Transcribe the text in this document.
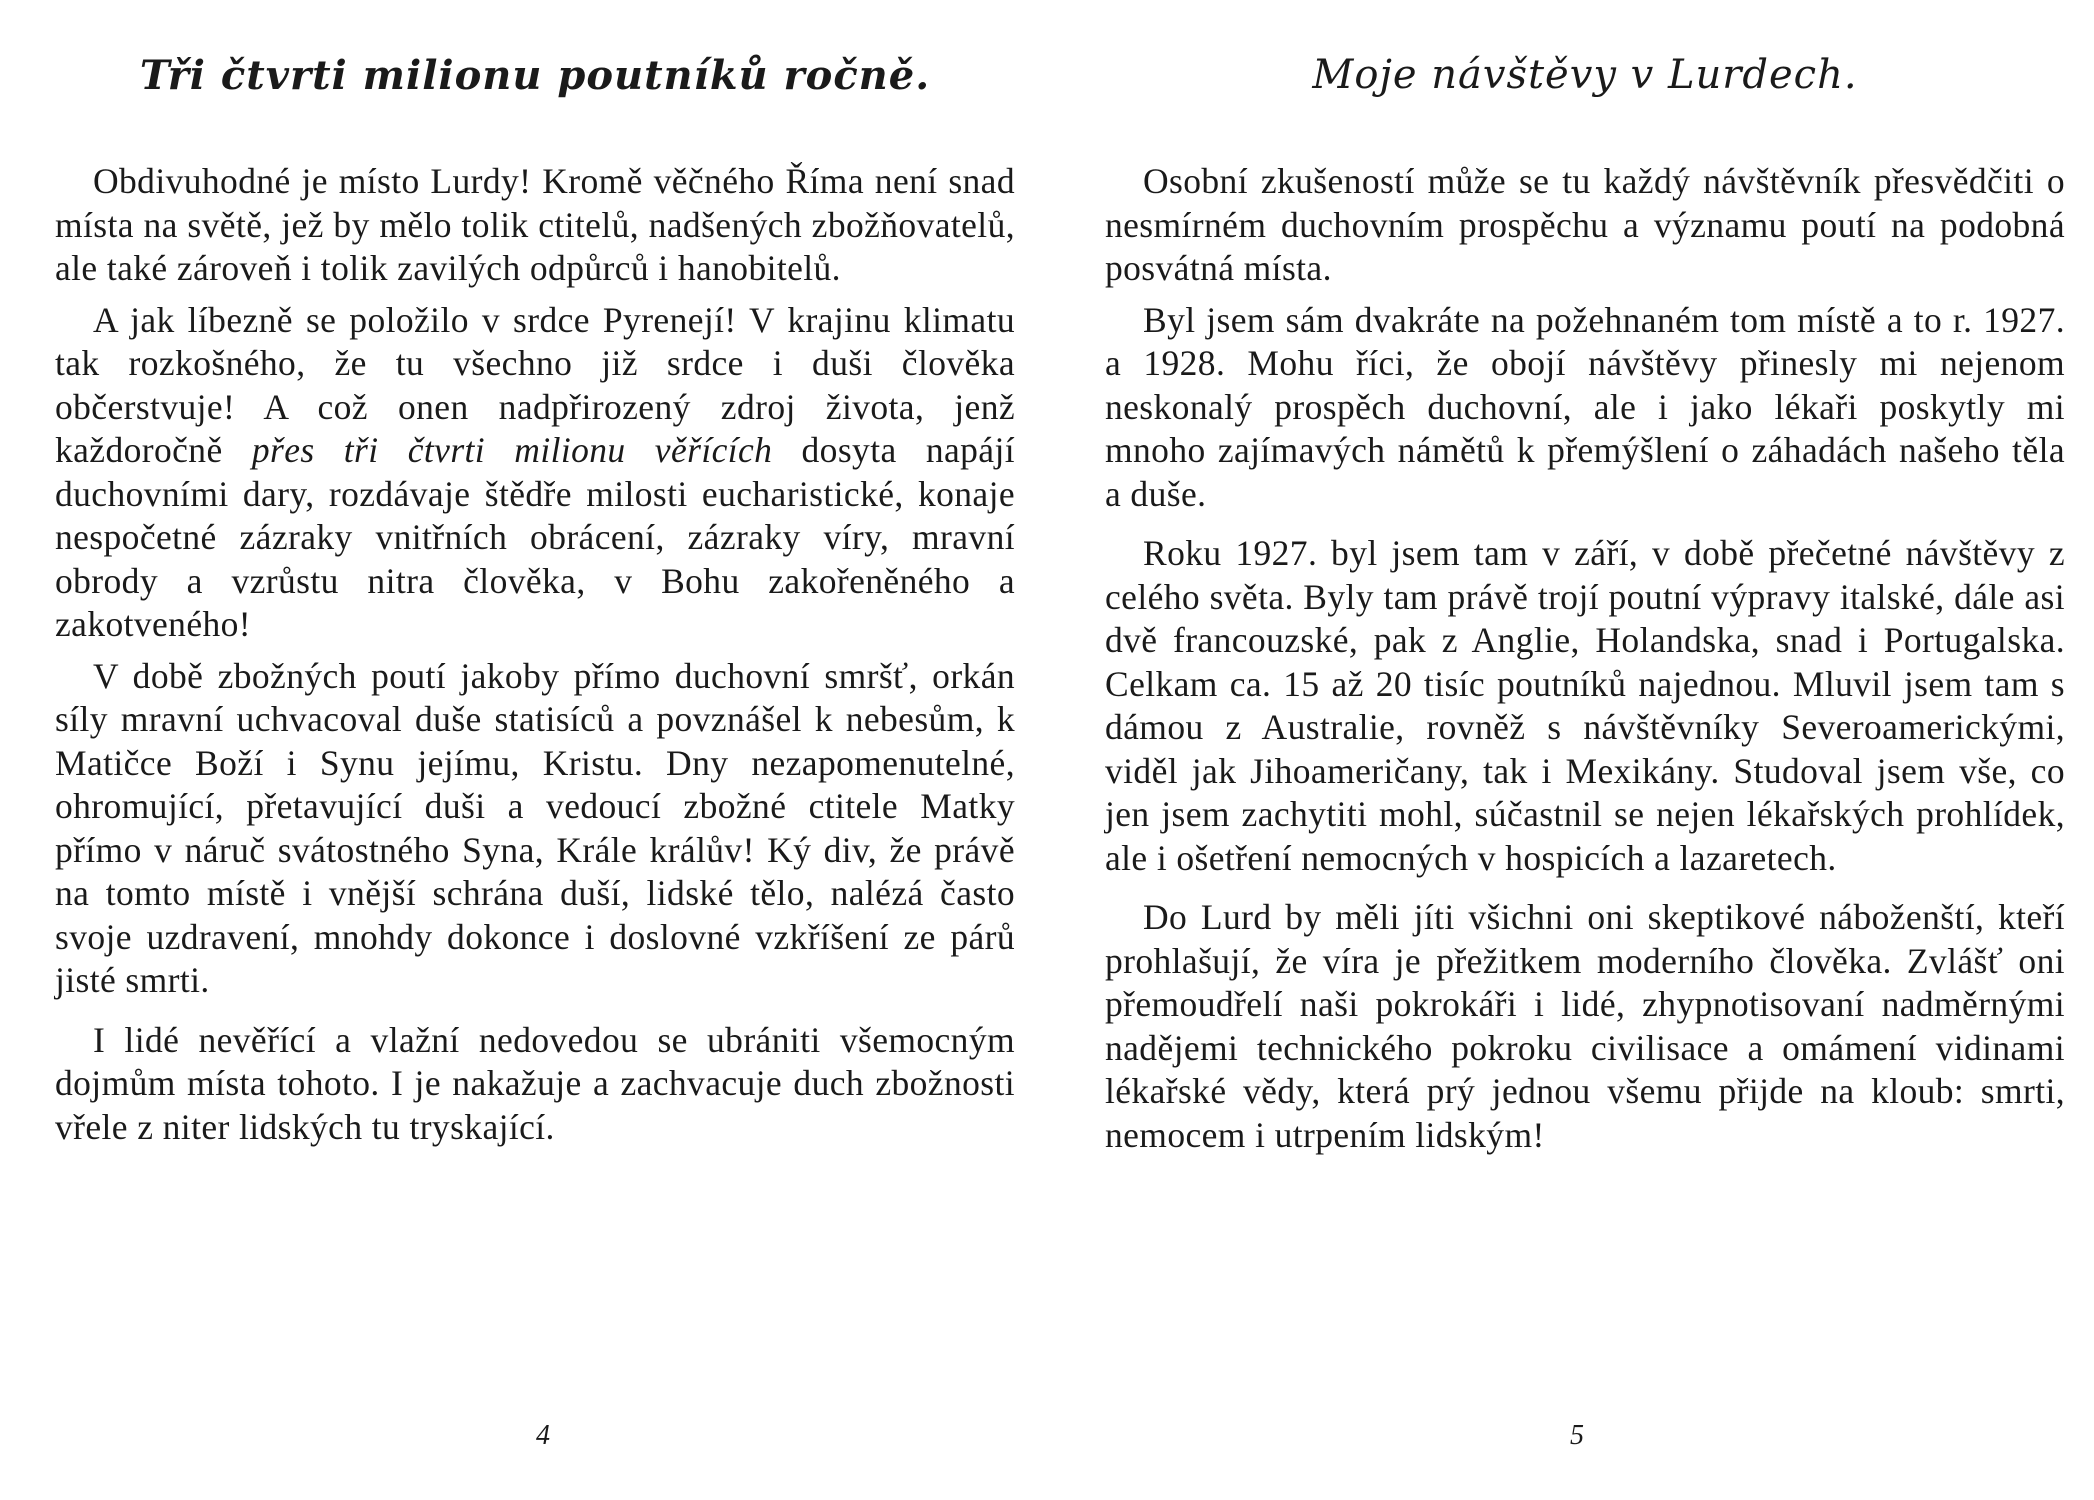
Tři čtvrti milionu poutníků ročně.

Obdivuhodné je místo Lurdy! Kromě věčného Říma není snad místa na světě, jež by mělo tolik ctitelů, nadšených zbožňovatelů, ale také zároveň i tolik zavilých odpůrců i hanobitelů.

A jak líbezně se položilo v srdce Pyrenejí! V krajinu klimatu tak rozkošného, že tu všechno již srdce i duši člověka občerstvuje! A což onen nadpřirozený zdroj života, jenž každoročně přes tři čtvrti milionu věřících dosyta napájí duchovními dary, rozdávaje štědře milosti eucharistické, konaje nespočetné zázraky vnitřních obrácení, zázraky víry, mravní obrody a vzrůstu nitra člověka, v Bohu zakořeněného a zakotveného!

V době zbožných poutí jakoby přímo duchovní smršť, orkán síly mravní uchvacoval duše statisíců a povznášel k nebesům, k Matičce Boží i Synu jejímu, Kristu. Dny nezapomenutelné, ohromující, přetavující duši a vedoucí zbožné ctitele Matky přímo v náruč svátostného Syna, Krále králův! Ký div, že právě na tomto místě i vnější schrána duší, lidské tělo, nalézá často svoje uzdravení, mnohdy dokonce i doslovné vzkříšení ze párů jisté smrti.

I lidé nevěřící a vlažní nedovedou se ubrániti všemocným dojmům místa tohoto. I je nakažuje a zachvacuje duch zbožnosti vřele z niter lidských tu tryskající.

4
Moje návštěvy v Lurdech.

Osobní zkušeností může se tu každý návštěvník přesvědčiti o nesmírném duchovním prospěchu a významu poutí na podobná posvátná místa.

Byl jsem sám dvakráte na požehnaném tom místě a to r. 1927. a 1928. Mohu říci, že obojí návštěvy přinesly mi nejenom neskonalý prospěch duchovní, ale i jako lékaři poskytly mi mnoho zajímavých námětů k přemýšlení o záhadách našeho těla a duše.

Roku 1927. byl jsem tam v září, v době přečetné návštěvy z celého světa. Byly tam právě trojí poutní výpravy italské, dále asi dvě francouzské, pak z Anglie, Holandska, snad i Portugalska. Celkam ca. 15 až 20 tisíc poutníků najednou. Mluvil jsem tam s dámou z Australie, rovněž s návštěvníky Severoamerickými, viděl jak Jihoameričany, tak i Mexikány. Studoval jsem vše, co jen jsem zachytiti mohl, súčastnil se nejen lékařských prohlídek, ale i ošetření nemocných v hospicích a lazaretech.

Do Lurd by měli jíti všichni oni skeptikové náboženští, kteří prohlašují, že víra je přežitkem moderního člověka. Zvlášť oni přemoudřelí naši pokrokáři i lidé, zhypnotisovaní nadměrnými nadějemi technického pokroku civilisace a omámení vidinami lékařské vědy, která prý jednou všemu přijde na kloub: smrti, nemocem i utrpením lidským!

5
